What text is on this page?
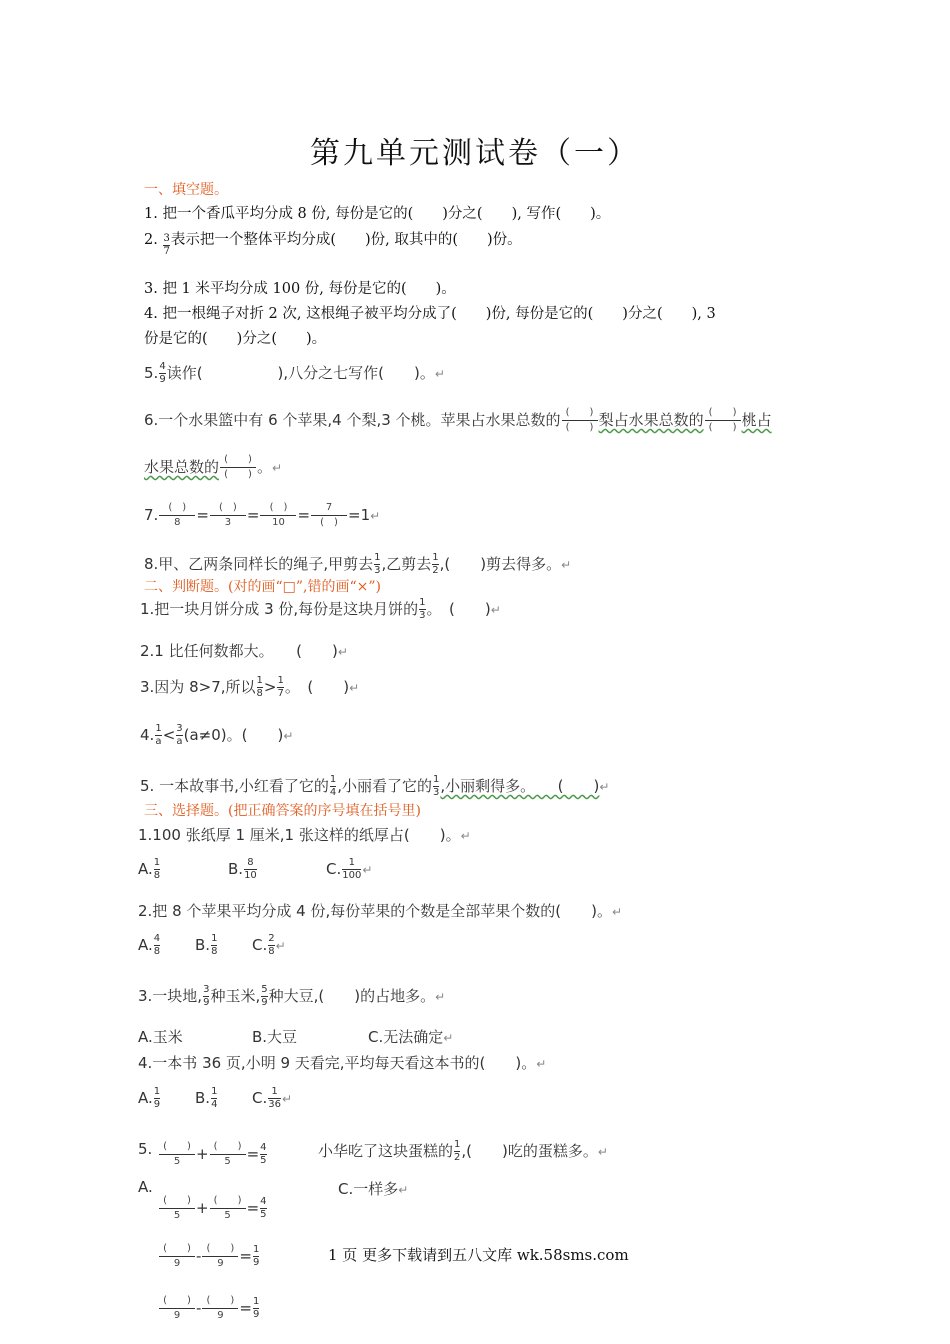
第九单元测试卷（一）
一、填空题。
1. 把一个香瓜平均分成 8 份, 每份是它的(　　)分之(　　), 写作(　　)。
2. $\frac{3}{7}$ 表示把一个整体平均分成(　　)份, 取其中的(　　)份。
3. 把 1 米平均分成 100 份, 每份是它的(　　)。
4. 把一根绳子对折 2 次, 这根绳子被平均分成了(　　)份, 每份是它的(　　)分之(　　), 3
份是它的(　　)分之(　　)。
5. $\frac{4}{9}$ 读作(　　　　　),八分之七写作(　　)。↵
6.一个水果篮中有 6 个苹果,4 个梨,3 个桃。苹果占水果总数的 (　　)
(　　) 梨占水果总数的 (　　)
(　　) 桃占
水果总数的 (　　)
(　　) 。↵
7.	(　)
8	=	(　)
3	=	(　)
10 =	7
(　) =1↵
8.甲、乙两条同样长的绳子,甲剪去 $\frac{1}{3}$ ,乙剪去 $\frac{1}{2}$ ,(　　)剪去得多。↵
二、判断题。(对的画“□”,错的画“×”)
1.把一块月饼分成 3 份,每份是这块月饼的 $\frac{1}{3}$ 。　(　　)↵
2.1 比任何数都大。　　(　　)↵
3.因为 8>7,所以 $\frac{1}{8} > \frac{1}{7}$ 。　(　　)↵
4. $\frac{1}{a} < \frac{3}{a} (a\ne 0)$。(　　)↵
5. 一本故事书,小红看了它的 $\frac{1}{4}$ ,小丽看了它的 $\frac{1}{3}$ ,小丽剩得多。　　(　　)↵
三、选择题。(把正确答案的序号填在括号里)
1.100 张纸厚 1 厘米,1 张这样的纸厚占(　　)。↵
A. $\frac{1}{8}$	B. $\frac{8}{10}$	C. $\frac{1}{100}$ ↵
2.把 8 个苹果平均分成 4 份,每份苹果的个数是全部苹果个数的(　　)。↵
A. $\frac{4}{8} B$. $\frac{1}{8} C$. $\frac{2}{8}$ ↵
3.一块地, $\frac{3}{9}$ 种玉米, $\frac{5}{9}$ 种大豆,(　　)的占地多。↵
A.玉米	B.大豆	C.无法确定↵
4.一本书 36 页,小明 9 天看完,平均每天看这本书的(　　)。↵
A. $\frac{1}{9} B$. $\frac{1}{4} C$. $\frac{1}{36}$ ↵
5.	(　　)
5	+ (　　)
5	= $\frac{4}{5}$	小华吃了这块蛋糕的 $\frac{1}{2}$ ,(　　)吃的蛋糕多。↵
A.	C.一样多↵
(　　)
5	+ (　　)
5	= $\frac{4}{5}$
(　　)
9	- (　　)
9	= $\frac{1}{9}$
(　　)
9	- (　　)
9	= $\frac{1}{9}$
1 页 更多下载请到五八文库 wk.58sms.com
